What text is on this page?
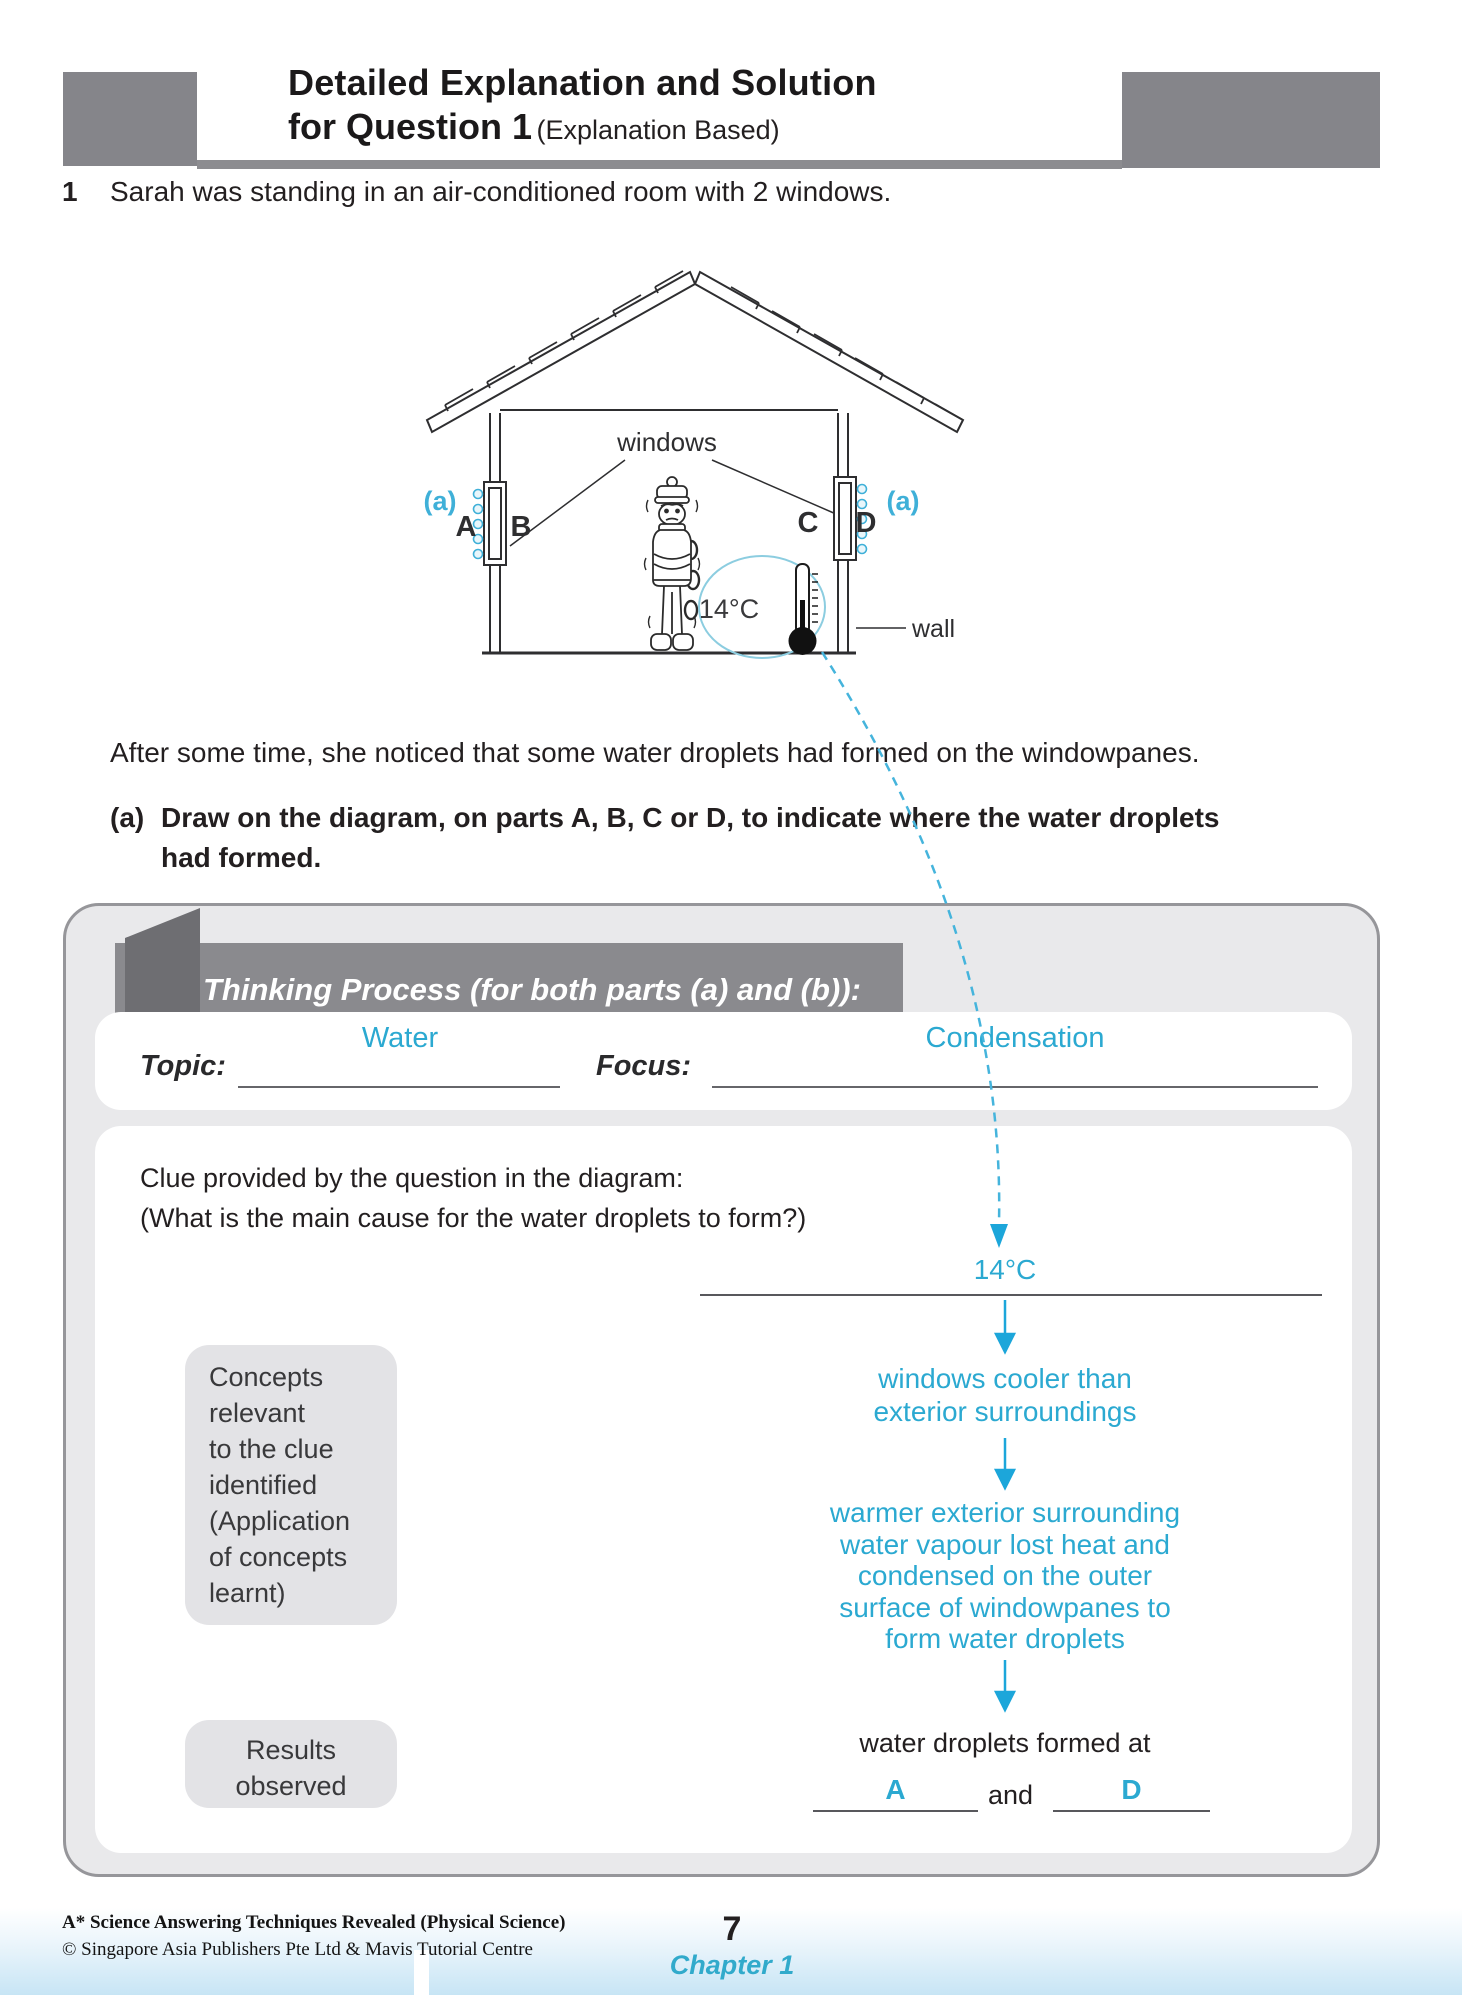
Detailed Explanation and Solution
for Question 1 (Explanation Based)
1 Sarah was standing in an air-conditioned room with 2 windows.
windows
(a)
A B	C D
(a)
14°C
wall
After some time, she noticed that some water droplets had formed on the windowpanes.
(a) Draw on the diagram, on parts A, B, C or D, to indicate where the water droplets
had formed.
Thinking Process (for both parts (a) and (b)):
Topic:
Water
Focus:
Condensation
Clue provided by the question in the diagram:
(What is the main cause for the water droplets to form?)
14°C
Concepts
relevant
to the clue
identified
(Application
of concepts
learnt)
windows cooler than
exterior surroundings
warmer exterior surrounding
water vapour lost heat and
condensed on the outer
surface of windowpanes to
form water droplets
Results
observed
water droplets formed at
A	and	D
A* Science Answering Techniques Revealed (Physical Science)
© Singapore Asia Publishers Pte Ltd & Mavis Tutorial Centre
7
Chapter 1
